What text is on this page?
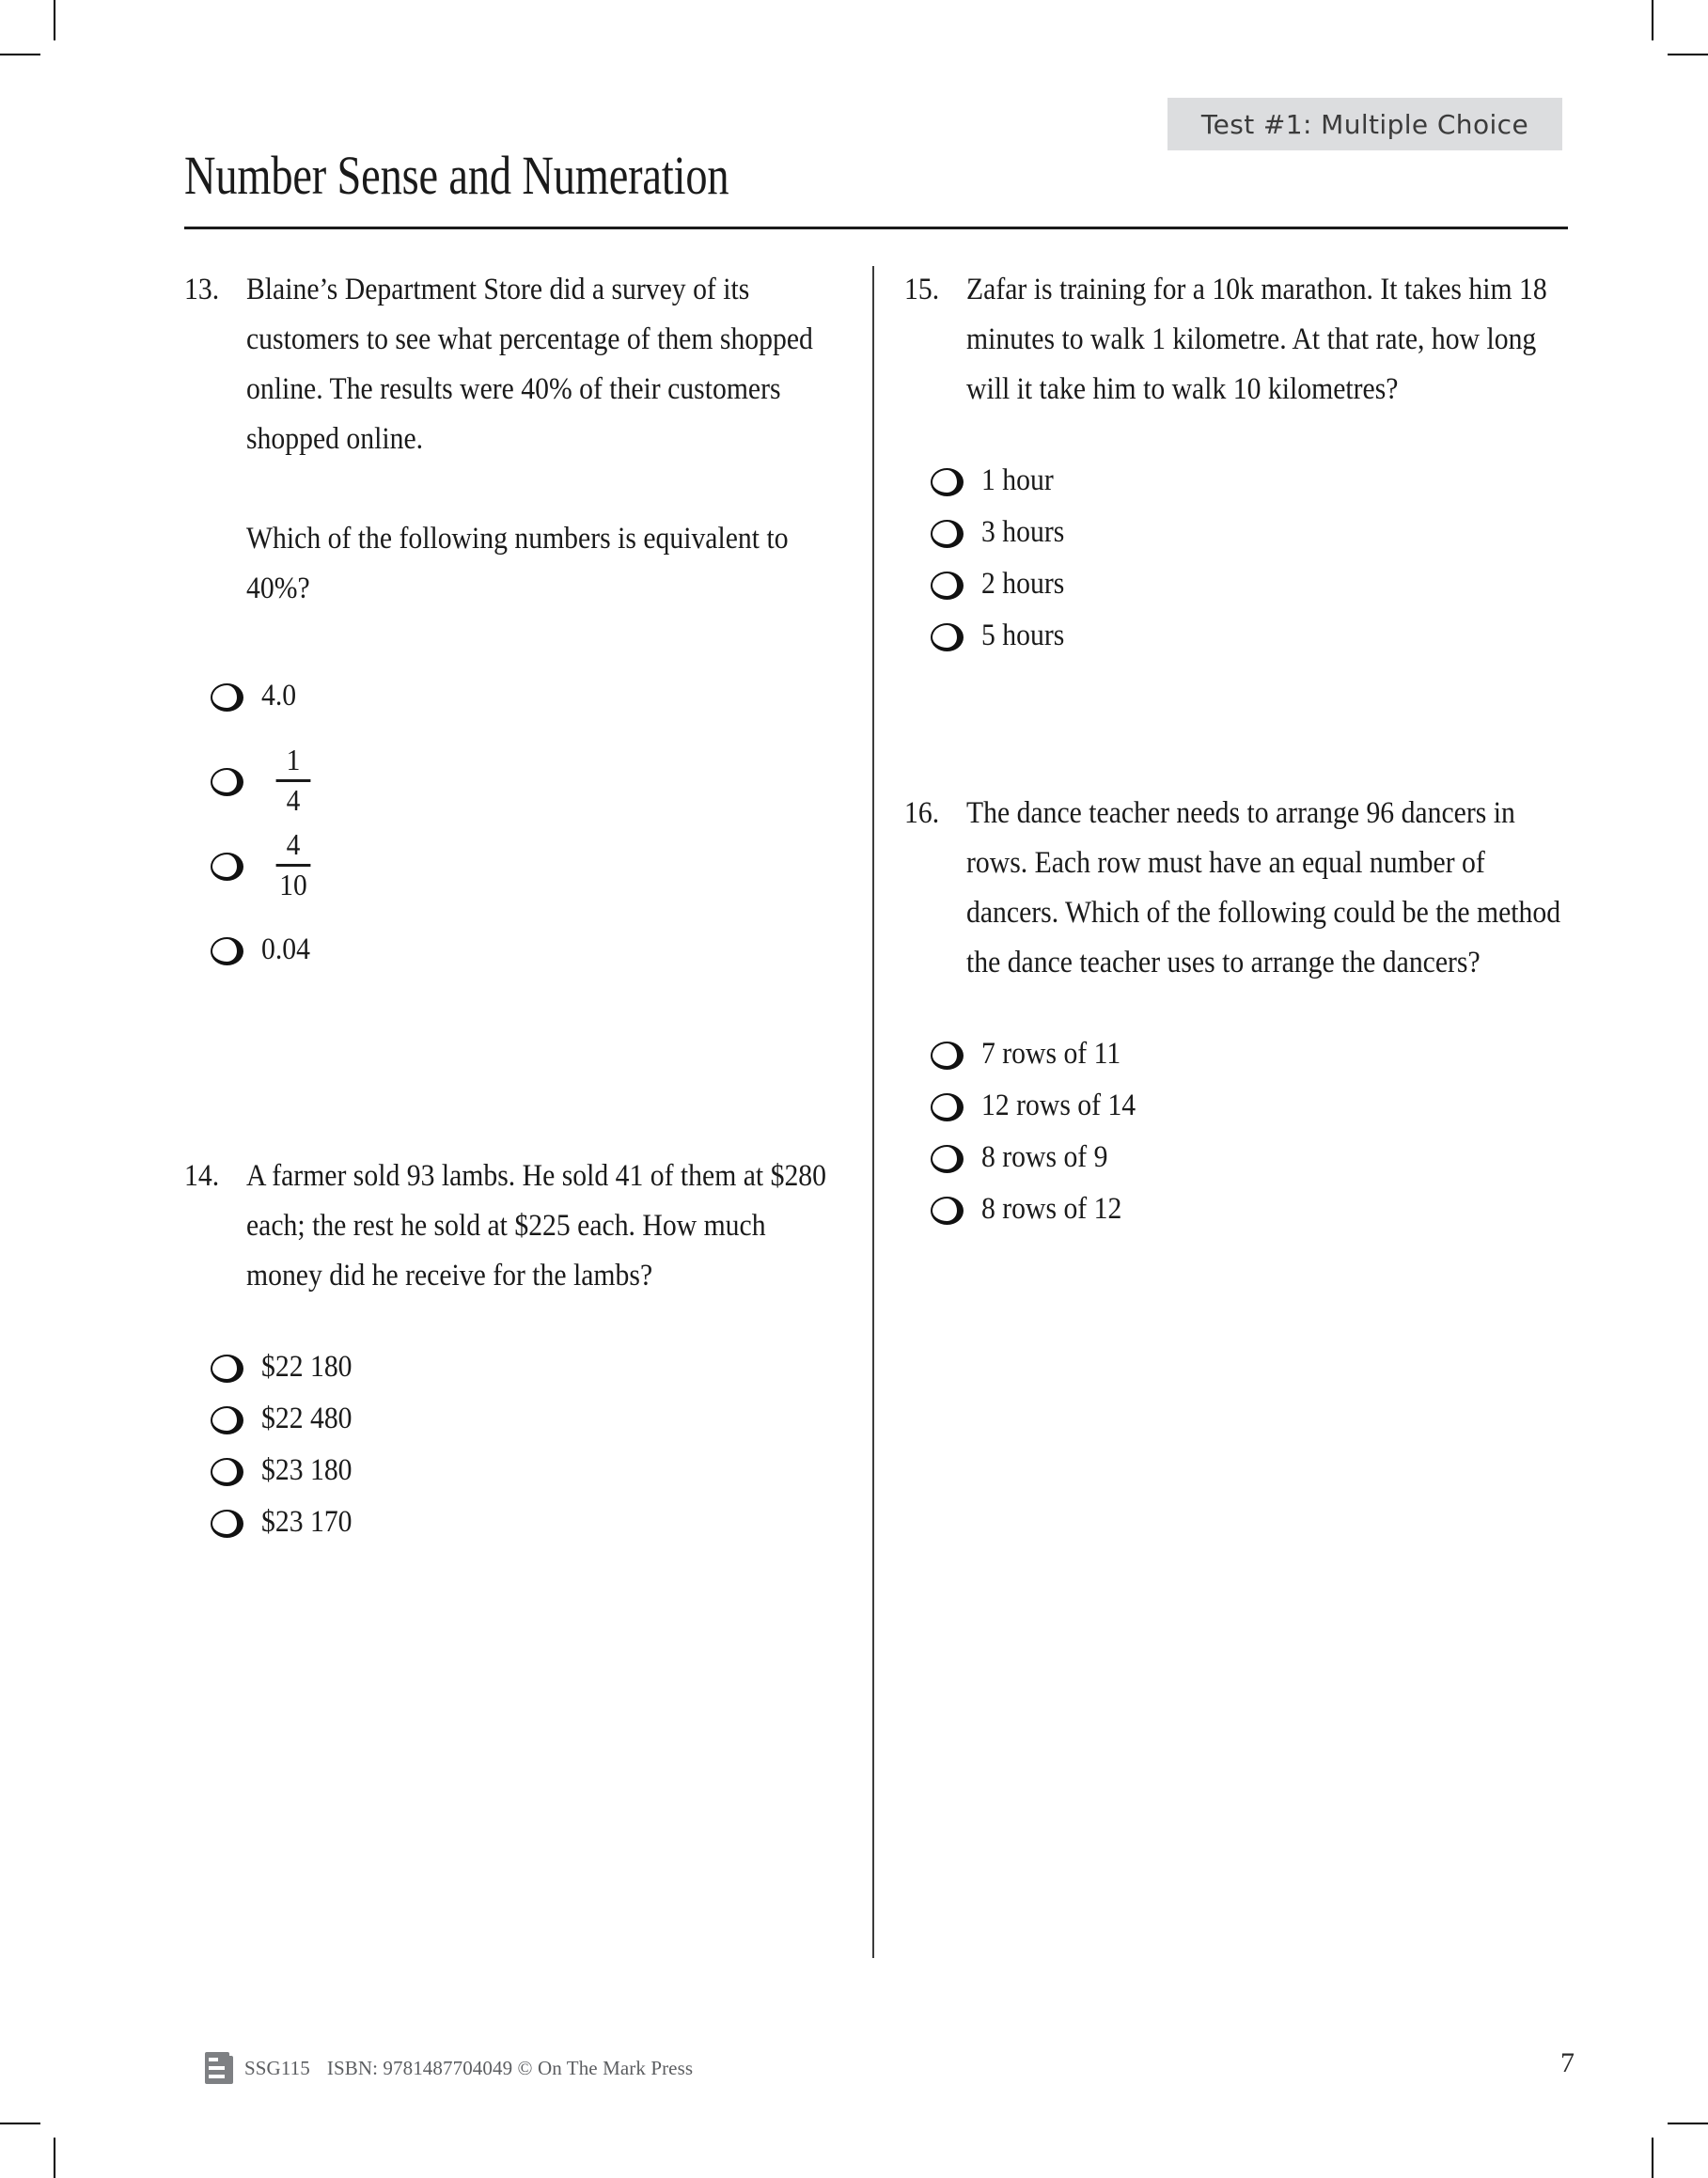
Test #1: Multiple Choice
Number Sense and Numeration
13. Blaine’s Department Store did a survey of its customers to see what percentage of them shopped online. The results were 40% of their customers shopped online.
Which of the following numbers is equivalent to 40%?
4.0
$\frac{1}{4}$
$\frac{4}{10}$
0.04
14. A farmer sold 93 lambs. He sold 41 of them at $280 each; the rest he sold at $225 each. How much money did he receive for the lambs?
$22 180
$22 480
$23 180
$23 170
15. Zafar is training for a 10k marathon. It takes him 18 minutes to walk 1 kilometre. At that rate, how long will it take him to walk 10 kilometres?
1 hour
3 hours
2 hours
5 hours
16. The dance teacher needs to arrange 96 dancers in rows. Each row must have an equal number of dancers. Which of the following could be the method the dance teacher uses to arrange the dancers?
7 rows of 11
12 rows of 14
8 rows of 9
8 rows of 12
SSG115 ISBN: 9781487704049 © On The Mark Press	7
